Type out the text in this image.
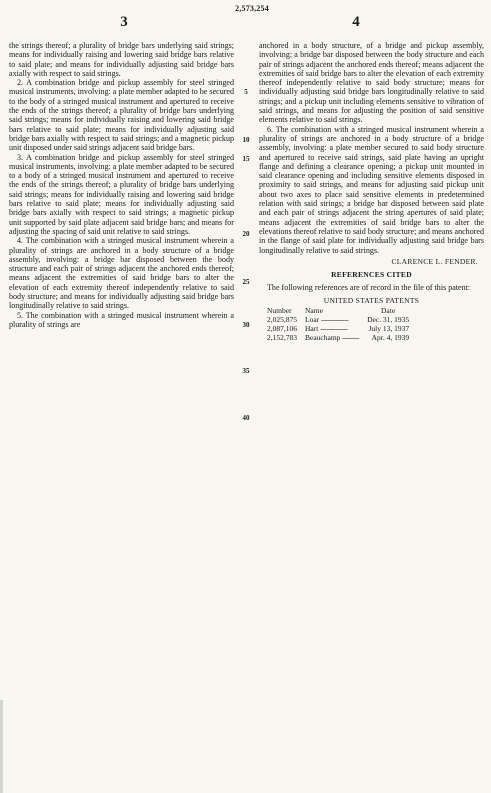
2,573,254
3	4

the strings thereof; a plurality of bridge bars underlying said strings; means for individually raising and lowering said bridge bars relative to said plate; and means for individually adjusting said bridge bars axially with respect to said strings.

2. A combination bridge and pickup assembly for steel stringed musical instruments, involving: a plate member adapted to be secured to the body of a stringed musical instrument and apertured to receive the ends of the strings thereof; a plurality of bridge bars underlying said strings; means for individually raising and lowering said bridge bars relative to said plate; means for individually adjusting said bridge bars axially with respect to said strings; and a magnetic pickup unit disposed under said strings adjacent said bridge bars.

3. A combination bridge and pickup assembly for steel stringed musical instruments, involving: a plate member adapted to be secured to a body of a stringed musical instrument and apertured to receive the ends of the strings thereof; a plurality of bridge bars underlying said strings; means for individually raising and lowering said bridge bars relative to said plate; means for individually adjusting said bridge bars axially with respect to said strings; a magnetic pickup unit supported by said plate adjacent said bridge bars; and means for adjusting the spacing of said unit relative to said strings.

4. The combination with a stringed musical instrument wherein a plurality of strings are anchored in a body structure of a bridge assembly, involving: a bridge bar disposed between the body structure and each pair of strings adjacent the anchored ends thereof; means adjacent the extremities of said bridge bars to alter the elevation of each extremity thereof independently relative to said body structure; and means for individually adjusting said bridge bars longitudinally relative to said strings.

5. The combination with a stringed musical instrument wherein a plurality of strings are

5
10
15
20
25
30
35
40

anchored in a body structure, of a bridge and pickup assembly, involving: a bridge bar disposed between the body structure and each pair of strings adjacent the anchored ends thereof; means adjacent the extremities of said bridge bars to alter the elevation of each extremity thereof independently relative to said body structure; means for individually adjusting said bridge bars longitudinally relative to said strings; and a pickup unit including elements sensitive to vibration of said strings, and means for adjusting the position of said sensitive elements relative to said strings.

6. The combination with a stringed musical instrument wherein a plurality of strings are anchored in a body structure of a bridge assembly, involving: a plate member secured to said body structure and apertured to receive said strings, said plate having an upright flange and defining a clearance opening; a pickup unit mounted in said clearance opening and including sensitive elements disposed in proximity to said strings, and means for adjusting said pickup unit about two axes to place said sensitive elements in predetermined relation with said strings; a bridge bar disposed between said plate and each pair of strings adjacent the string apertures of said plate; means adjacent the extremities of said bridge bars to alter the elevations thereof relative to said body structure; and means anchored in the flange of said plate for individually adjusting said bridge bars longitudinally relative to said strings.

CLARENCE L. FENDER.
REFERENCES CITED

The following references are of record in the file of this patent:

UNITED STATES PATENTS
Number	Name	Date
2,025,875	Loar -------------	Dec. 31, 1935
2,087,106	Hart -------------	July 13, 1937
2,152,783	Beauchamp --------	Apr. 4, 1939
